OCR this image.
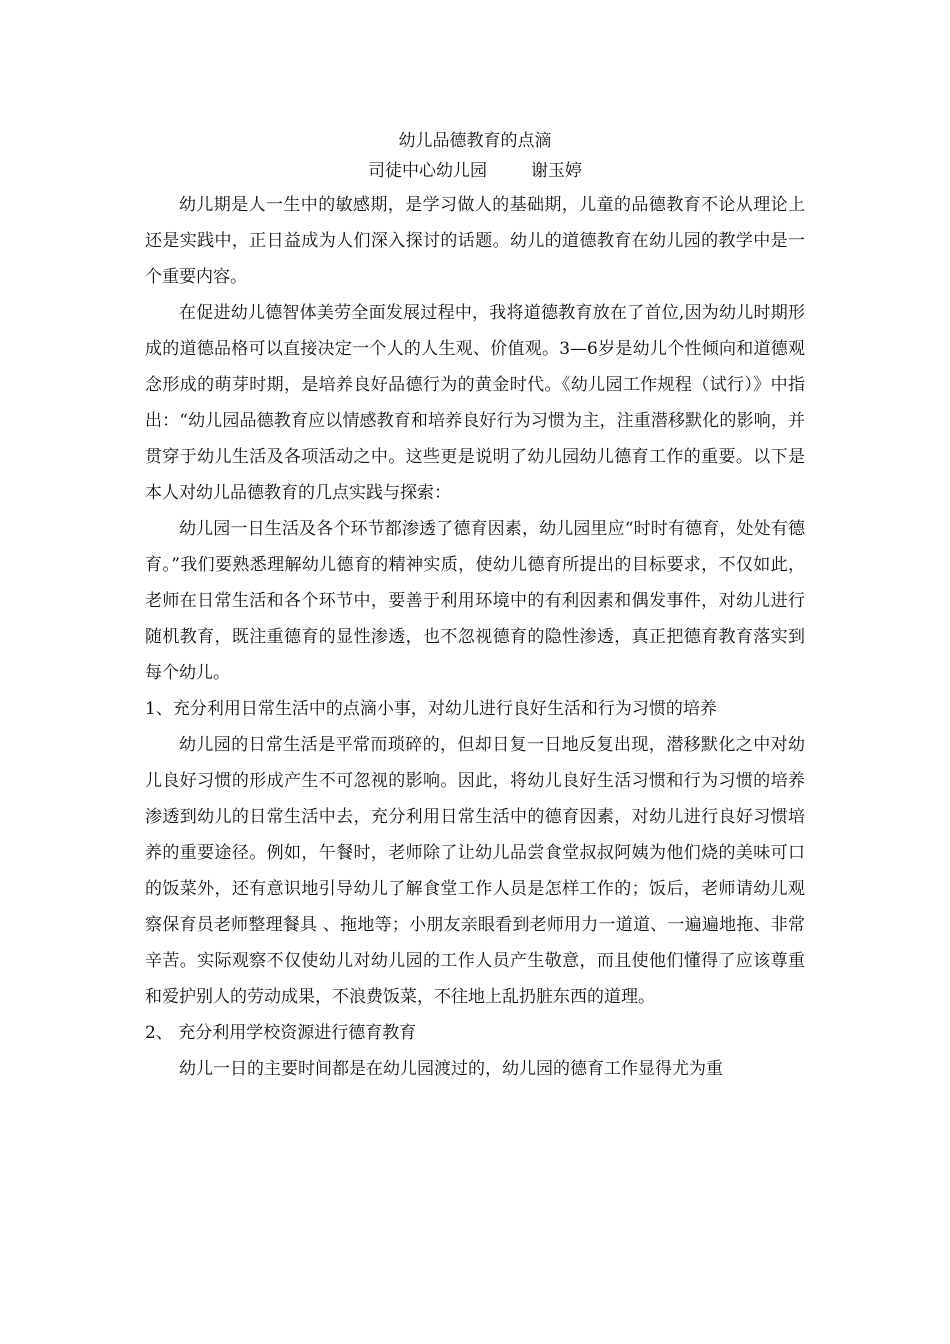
幼儿品德教育的点滴

司徒中心幼儿园	谢玉婷

幼儿期是人一生中的敏感期，是学习做人的基础期，儿童的品德教育不论从理论上还是实践中，正日益成为人们深入探讨的话题。幼儿的道德教育在幼儿园的教学中是一个重要内容。

在促进幼儿德智体美劳全面发展过程中，我将道德教育放在了首位,因为幼儿时期形成的道德品格可以直接决定一个人的人生观、价值观。3—6岁是幼儿个性倾向和道德观念形成的萌芽时期，是培养良好品德行为的黄金时代。《幼儿园工作规程（试行）》中指出：“幼儿园品德教育应以情感教育和培养良好行为习惯为主，注重潜移默化的影响，并贯穿于幼儿生活及各项活动之中。这些更是说明了幼儿园幼儿德育工作的重要。以下是本人对幼儿品德教育的几点实践与探索：

幼儿园一日生活及各个环节都渗透了德育因素，幼儿园里应“时时有德育，处处有德育。”我们要熟悉理解幼儿德育的精神实质，使幼儿德育所提出的目标要求，不仅如此，老师在日常生活和各个环节中，要善于利用环境中的有利因素和偶发事件，对幼儿进行随机教育，既注重德育的显性渗透，也不忽视德育的隐性渗透，真正把德育教育落实到每个幼儿。

1、充分利用日常生活中的点滴小事，对幼儿进行良好生活和行为习惯的培养

幼儿园的日常生活是平常而琐碎的，但却日复一日地反复出现，潜移默化之中对幼儿良好习惯的形成产生不可忽视的影响。因此，将幼儿良好生活习惯和行为习惯的培养渗透到幼儿的日常生活中去，充分利用日常生活中的德育因素，对幼儿进行良好习惯培养的重要途径。例如，午餐时，老师除了让幼儿品尝食堂叔叔阿姨为他们烧的美味可口的饭菜外，还有意识地引导幼儿了解食堂工作人员是怎样工作的；饭后，老师请幼儿观察保育员老师整理餐具 、拖地等；小朋友亲眼看到老师用力一道道、一遍遍地拖、非常辛苦。实际观察不仅使幼儿对幼儿园的工作人员产生敬意，而且使他们懂得了应该尊重和爱护别人的劳动成果，不浪费饭菜，不往地上乱扔脏东西的道理。

2、 充分利用学校资源进行德育教育

幼儿一日的主要时间都是在幼儿园渡过的，幼儿园的德育工作显得尤为重
